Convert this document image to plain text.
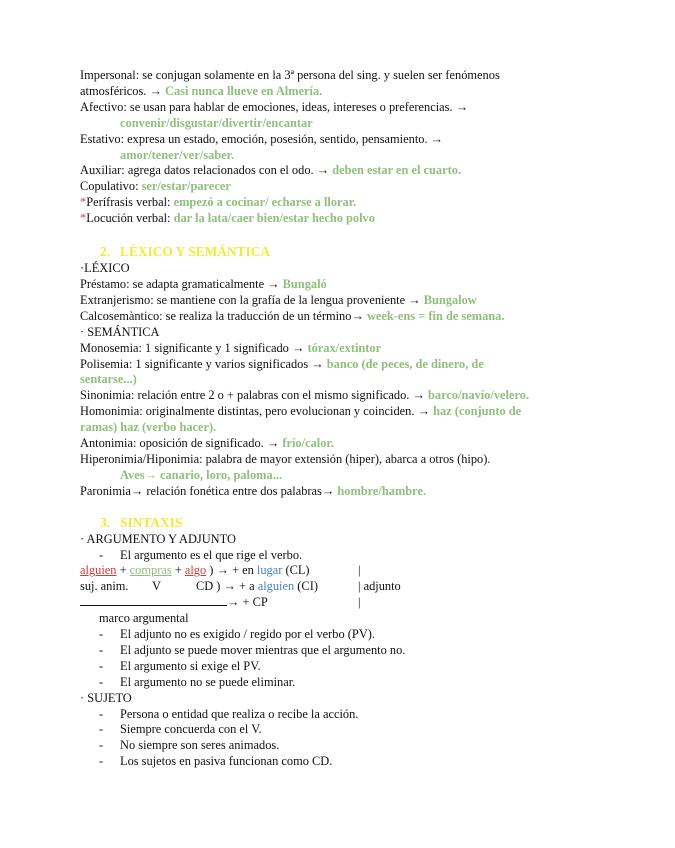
Impersonal: se conjugan solamente en la 3ª persona del sing. y suelen ser fenómenos
atmosféricos. → Casi nunca llueve en Almería.
Afectivo: se usan para hablar de emociones, ideas, intereses o preferencias. →
convenir/disgustar/divertir/encantar
Estativo: expresa un estado, emoción, posesión, sentido, pensamiento. →
amor/tener/ver/saber.
Auxiliar: agrega datos relacionados con el odo. → deben estar en el cuarto.
Copulativo: ser/estar/parecer
*Perífrasis verbal: empezó a cocinar/ echarse a llorar.
*Locución verbal: dar la lata/caer bien/estar hecho polvo
2. LÉXICO Y SEMÁNTICA
·LÉXICO
Préstamo: se adapta gramaticalmente → Bungaló
Extranjerismo: se mantiene con la grafía de la lengua proveniente → Bungalow
Calcosemàntico: se realiza la traducción de un término→ week-ens = fin de semana.
· SEMÁNTICA
Monosemia: 1 significante y 1 significado → tórax/extintor
Polisemia: 1 significante y varios significados → banco (de peces, de dinero, de
sentarse...)
Sinonimia: relación entre 2 o + palabras con el mismo significado. → barco/navío/velero.
Homonimia: originalmente distintas, pero evolucionan y coinciden. → haz (conjunto de
ramas) haz (verbo hacer).
Antonimia: oposición de significado. → frío/calor.
Hiperonimia/Hiponimia: palabra de mayor extensión (hiper), abarca a otros (hipo).
Aves→ canario, loro, paloma...
Paronimia→ relación fonética entre dos palabras→ hombre/hambre.
3. SINTAXIS
· ARGUMENTO Y ADJUNTO
- El argumento es el que rige el verbo.
alguien + compras + algo ) → + en lugar (CL)	|
suj. anim. V	CD ) → + a alguien (CI)	| adjunto
→ + CP	|
marco argumental
- El adjunto no es exigido / regido por el verbo (PV).
- El adjunto se puede mover mientras que el argumento no.
- El argumento si exige el PV.
- El argumento no se puede eliminar.
· SUJETO
- Persona o entidad que realiza o recibe la acción.
- Siempre concuerda con el V.
- No siempre son seres animados.
- Los sujetos en pasiva funcionan como CD.
